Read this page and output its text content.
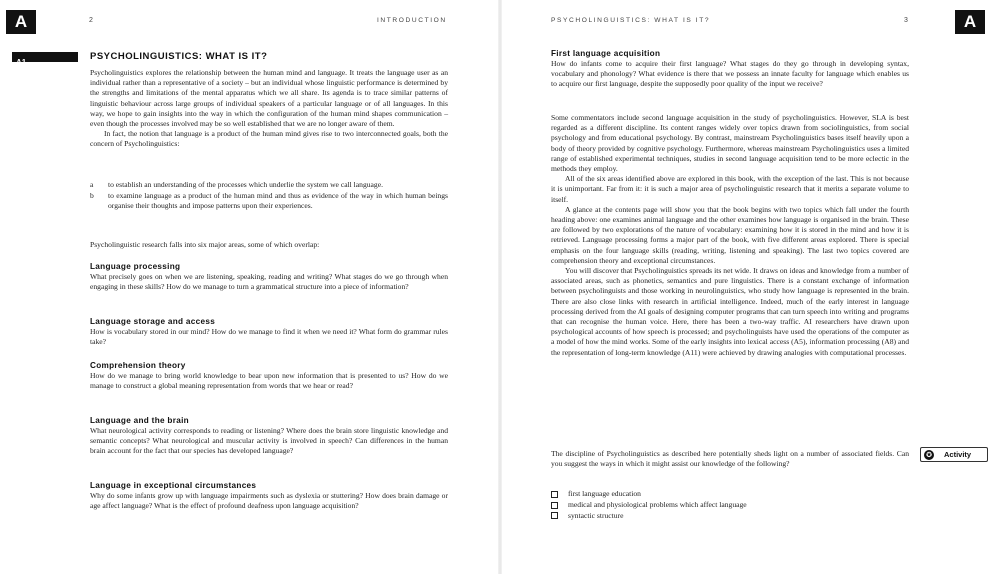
A	2	INTRODUCTION
A1
PSYCHOLINGUISTICS: WHAT IS IT?

Psycholinguistics explores the relationship between the human mind and language. It treats the language user as an individual rather than a representative of a society – but an individual whose linguistic performance is determined by the strengths and limitations of the mental apparatus which we all share. Its agenda is to trace similar patterns of linguistic behaviour across large groups of individual speakers of a particular language or of all languages. In this way, we hope to gain insights into the way in which the configuration of the human mind shapes communication – even though the processes involved may be so well established that we are no longer aware of them.

In fact, the notion that language is a product of the human mind gives rise to two interconnected goals, both the concern of Psycholinguistics:

a to establish an understanding of the processes which underlie the system we call language.
b to examine language as a product of the human mind and thus as evidence of the way in which human beings organise their thoughts and impose patterns upon their experiences.

Psycholinguistic research falls into six major areas, some of which overlap:

Language processing

What precisely goes on when we are listening, speaking, reading and writing? What stages do we go through when engaging in these skills? How do we manage to turn a grammatical structure into a piece of information?

Language storage and access

How is vocabulary stored in our mind? How do we manage to find it when we need it? What form do grammar rules take?

Comprehension theory

How do we manage to bring world knowledge to bear upon new information that is presented to us? How do we manage to construct a global meaning representation from words that we hear or read?

Language and the brain

What neurological activity corresponds to reading or listening? Where does the brain store linguistic knowledge and semantic concepts? What neurological and muscular activity is involved in speech? Can differences in the human brain account for the fact that our species has developed language?

Language in exceptional circumstances

Why do some infants grow up with language impairments such as dyslexia or stuttering? How does brain damage or age affect language? What is the effect of profound deafness upon language acquisition?

A
PSYCHOLINGUISTICS: WHAT IS IT?	3

First language acquisition

How do infants come to acquire their first language? What stages do they go through in developing syntax, vocabulary and phonology? What evidence is there that we possess an innate faculty for language which enables us to acquire our first language, despite the supposedly poor quality of the input we receive?

Some commentators include second language acquisition in the study of psycholinguistics. However, SLA is best regarded as a different discipline. Its content ranges widely over topics drawn from sociolinguistics, from social psychology and from educational psychology. By contrast, mainstream Psycholinguistics bases itself heavily upon a body of theory provided by cognitive psychology. Furthermore, whereas mainstream Psycholinguistics uses a limited range of established experimental techniques, studies in second language acquisition tend to be more eclectic in the methods they employ.

All of the six areas identified above are explored in this book, with the exception of the last. This is not because it is unimportant. Far from it: it is such a major area of psycholinguistic research that it merits a separate volume to itself.

A glance at the contents page will show you that the book begins with two topics which fall under the fourth heading above: one examines animal language and the other examines how language is organised in the brain. These are followed by two explorations of the nature of vocabulary: examining how it is stored in the mind and how it is retrieved. Language processing forms a major part of the book, with five different areas explored. There is special emphasis on the four language skills (reading, writing, listening and speaking). The last two topics covered are comprehension theory and exceptional circumstances.

You will discover that Psycholinguistics spreads its net wide. It draws on ideas and knowledge from a number of associated areas, such as phonetics, semantics and pure linguistics. There is a constant exchange of information between psycholinguists and those working in neurolinguistics, who study how language is represented in the brain. There are also close links with research in artificial intelligence. Indeed, much of the early interest in language processing derived from the AI goals of designing computer programs that can turn speech into writing and programs that can recognise the human voice. Here, there has been a two-way traffic. AI researchers have drawn upon psychological accounts of how speech is processed; and psycholinguists have used the operations of the computer as a model of how the mind works. Some of the early insights into lexical access (A5), information processing (A8) and the representation of long-term knowledge (A11) were achieved by drawing analogies with computational processes.

The discipline of Psycholinguistics as described here potentially sheds light on a number of associated fields. Can you suggest the ways in which it might assist our knowledge of the following?

✪ Activity
first language education
medical and physiological problems which affect language
syntactic structure
